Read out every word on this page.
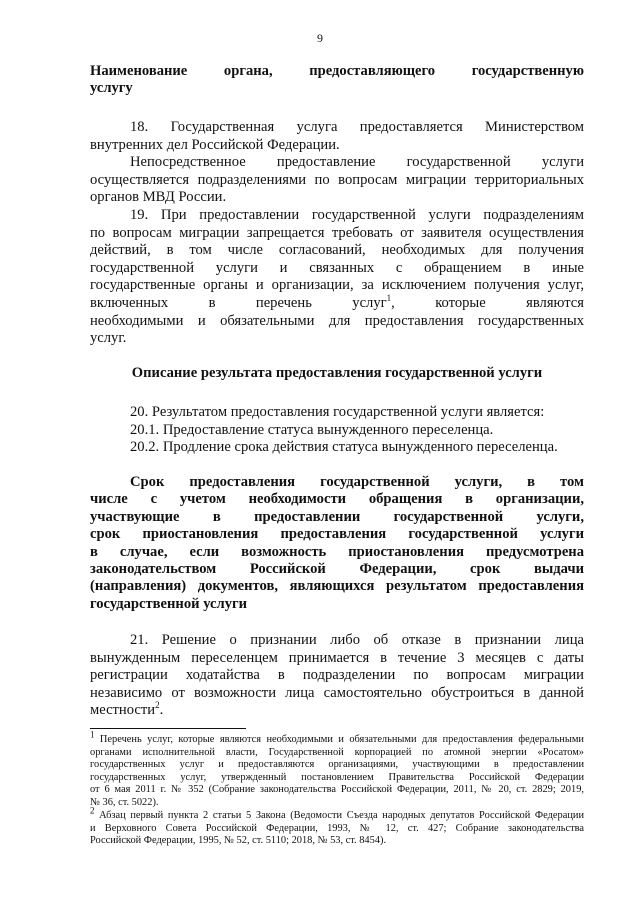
9

Наименование органа, предоставляющего государственную

услугу

18. Государственная услуга предоставляется Министерством

внутренних дел Российской Федерации.

Непосредственное предоставление государственной услуги

осуществляется подразделениями по вопросам миграции территориальных

органов МВД России.

19. При предоставлении государственной услуги подразделениям

по вопросам миграции запрещается требовать от заявителя осуществления

действий, в том числе согласований, необходимых для получения

государственной услуги и связанных с обращением в иные

государственные органы и организации, за исключением получения услуг,

включенных в перечень услуг$^1$, которые являются

необходимыми и обязательными для предоставления государственных

услуг.

Описание результата предоставления государственной услуги

20. Результатом предоставления государственной услуги является:

20.1. Предоставление статуса вынужденного переселенца.

20.2. Продление срока действия статуса вынужденного переселенца.

Срок предоставления государственной услуги, в том

числе с учетом необходимости обращения в организации,

участвующие в предоставлении государственной услуги,

срок приостановления предоставления государственной услуги

в случае, если возможность приостановления предусмотрена

законодательством Российской Федерации, срок выдачи

(направления) документов, являющихся результатом предоставления

государственной услуги

21. Решение о признании либо об отказе в признании лица

вынужденным переселенцем принимается в течение 3 месяцев с даты

регистрации ходатайства в подразделении по вопросам миграции

независимо от возможности лица самостоятельно обустроиться в данной

местности$^2$.

$^1$ Перечень услуг, которые являются необходимыми и обязательными для предоставления федеральными

органами исполнительной власти, Государственной корпорацией по атомной энергии «Росатом»

государственных услуг и предоставляются организациями, участвующими в предоставлении

государственных услуг, утвержденный постановлением Правительства Российской Федерации

от 6 мая 2011 г. № 352 (Собрание законодательства Российской Федерации, 2011, № 20, ст. 2829; 2019,

№ 36, ст. 5022).

$^2$ Абзац первый пункта 2 статьи 5 Закона (Ведомости Съезда народных депутатов Российской Федерации

и Верховного Совета Российской Федерации, 1993, № 12, ст. 427; Собрание законодательства

Российской Федерации, 1995, № 52, ст. 5110; 2018, № 53, ст. 8454).
